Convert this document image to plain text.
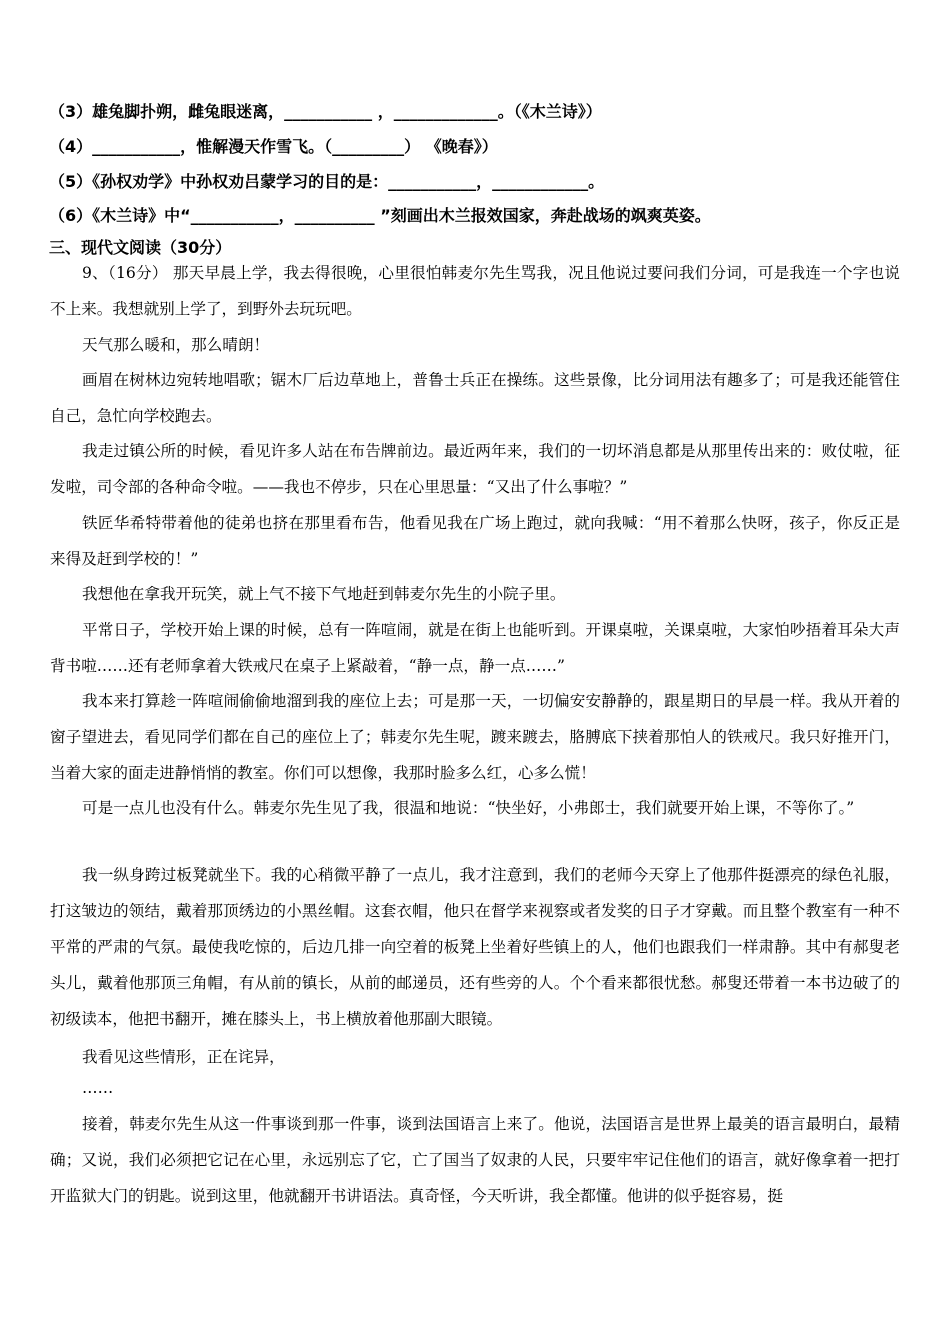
（3）雄兔脚扑朔，雌兔眼迷离，___________ ，_____________。（《木兰诗》）
（4）___________，惟解漫天作雪飞。（_________） 《晚春》）
（5）《孙权劝学》中孙权劝吕蒙学习的目的是：___________，____________。
（6）《木兰诗》中“___________，__________ ”刻画出木兰报效国家，奔赴战场的飒爽英姿。
三、现代文阅读（30分）
9、（16分） 那天早晨上学，我去得很晚，心里很怕韩麦尔先生骂我，况且他说过要问我们分词，可是我连一个字也说不上来。我想就别上学了，到野外去玩玩吧。
天气那么暖和，那么晴朗！
画眉在树林边宛转地唱歌；锯木厂后边草地上，普鲁士兵正在操练。这些景像，比分词用法有趣多了；可是我还能管住自己，急忙向学校跑去。
我走过镇公所的时候，看见许多人站在布告牌前边。最近两年来，我们的一切坏消息都是从那里传出来的：败仗啦，征发啦，司令部的各种命令啦。——我也不停步，只在心里思量：“又出了什么事啦？”
铁匠华希特带着他的徒弟也挤在那里看布告，他看见我在广场上跑过，就向我喊：“用不着那么快呀，孩子，你反正是来得及赶到学校的！”
我想他在拿我开玩笑，就上气不接下气地赶到韩麦尔先生的小院子里。
平常日子，学校开始上课的时候，总有一阵喧闹，就是在街上也能听到。开课桌啦，关课桌啦，大家怕吵捂着耳朵大声背书啦……还有老师拿着大铁戒尺在桌子上紧敲着，“静一点，静一点……”
我本来打算趁一阵喧闹偷偷地溜到我的座位上去；可是那一天，一切偏安安静静的，跟星期日的早晨一样。我从开着的窗子望进去，看见同学们都在自己的座位上了；韩麦尔先生呢，踱来踱去，胳膊底下挟着那怕人的铁戒尺。我只好推开门，当着大家的面走进静悄悄的教室。你们可以想像，我那时脸多么红，心多么慌！
可是一点儿也没有什么。韩麦尔先生见了我，很温和地说：“快坐好，小弗郎士，我们就要开始上课，不等你了。”
我一纵身跨过板凳就坐下。我的心稍微平静了一点儿，我才注意到，我们的老师今天穿上了他那件挺漂亮的绿色礼服，打这皱边的领结，戴着那顶绣边的小黑丝帽。这套衣帽，他只在督学来视察或者发奖的日子才穿戴。而且整个教室有一种不平常的严肃的气氛。最使我吃惊的，后边几排一向空着的板凳上坐着好些镇上的人，他们也跟我们一样肃静。其中有郝叟老头儿，戴着他那顶三角帽，有从前的镇长，从前的邮递员，还有些旁的人。个个看来都很忧愁。郝叟还带着一本书边破了的初级读本，他把书翻开，摊在膝头上，书上横放着他那副大眼镜。
我看见这些情形，正在诧异，
……
接着，韩麦尔先生从这一件事谈到那一件事，谈到法国语言上来了。他说，法国语言是世界上最美的语言最明白，最精确；又说，我们必须把它记在心里，永远别忘了它，亡了国当了奴隶的人民，只要牢牢记住他们的语言，就好像拿着一把打开监狱大门的钥匙。说到这里，他就翻开书讲语法。真奇怪，今天听讲，我全都懂。他讲的似乎挺容易，挺
